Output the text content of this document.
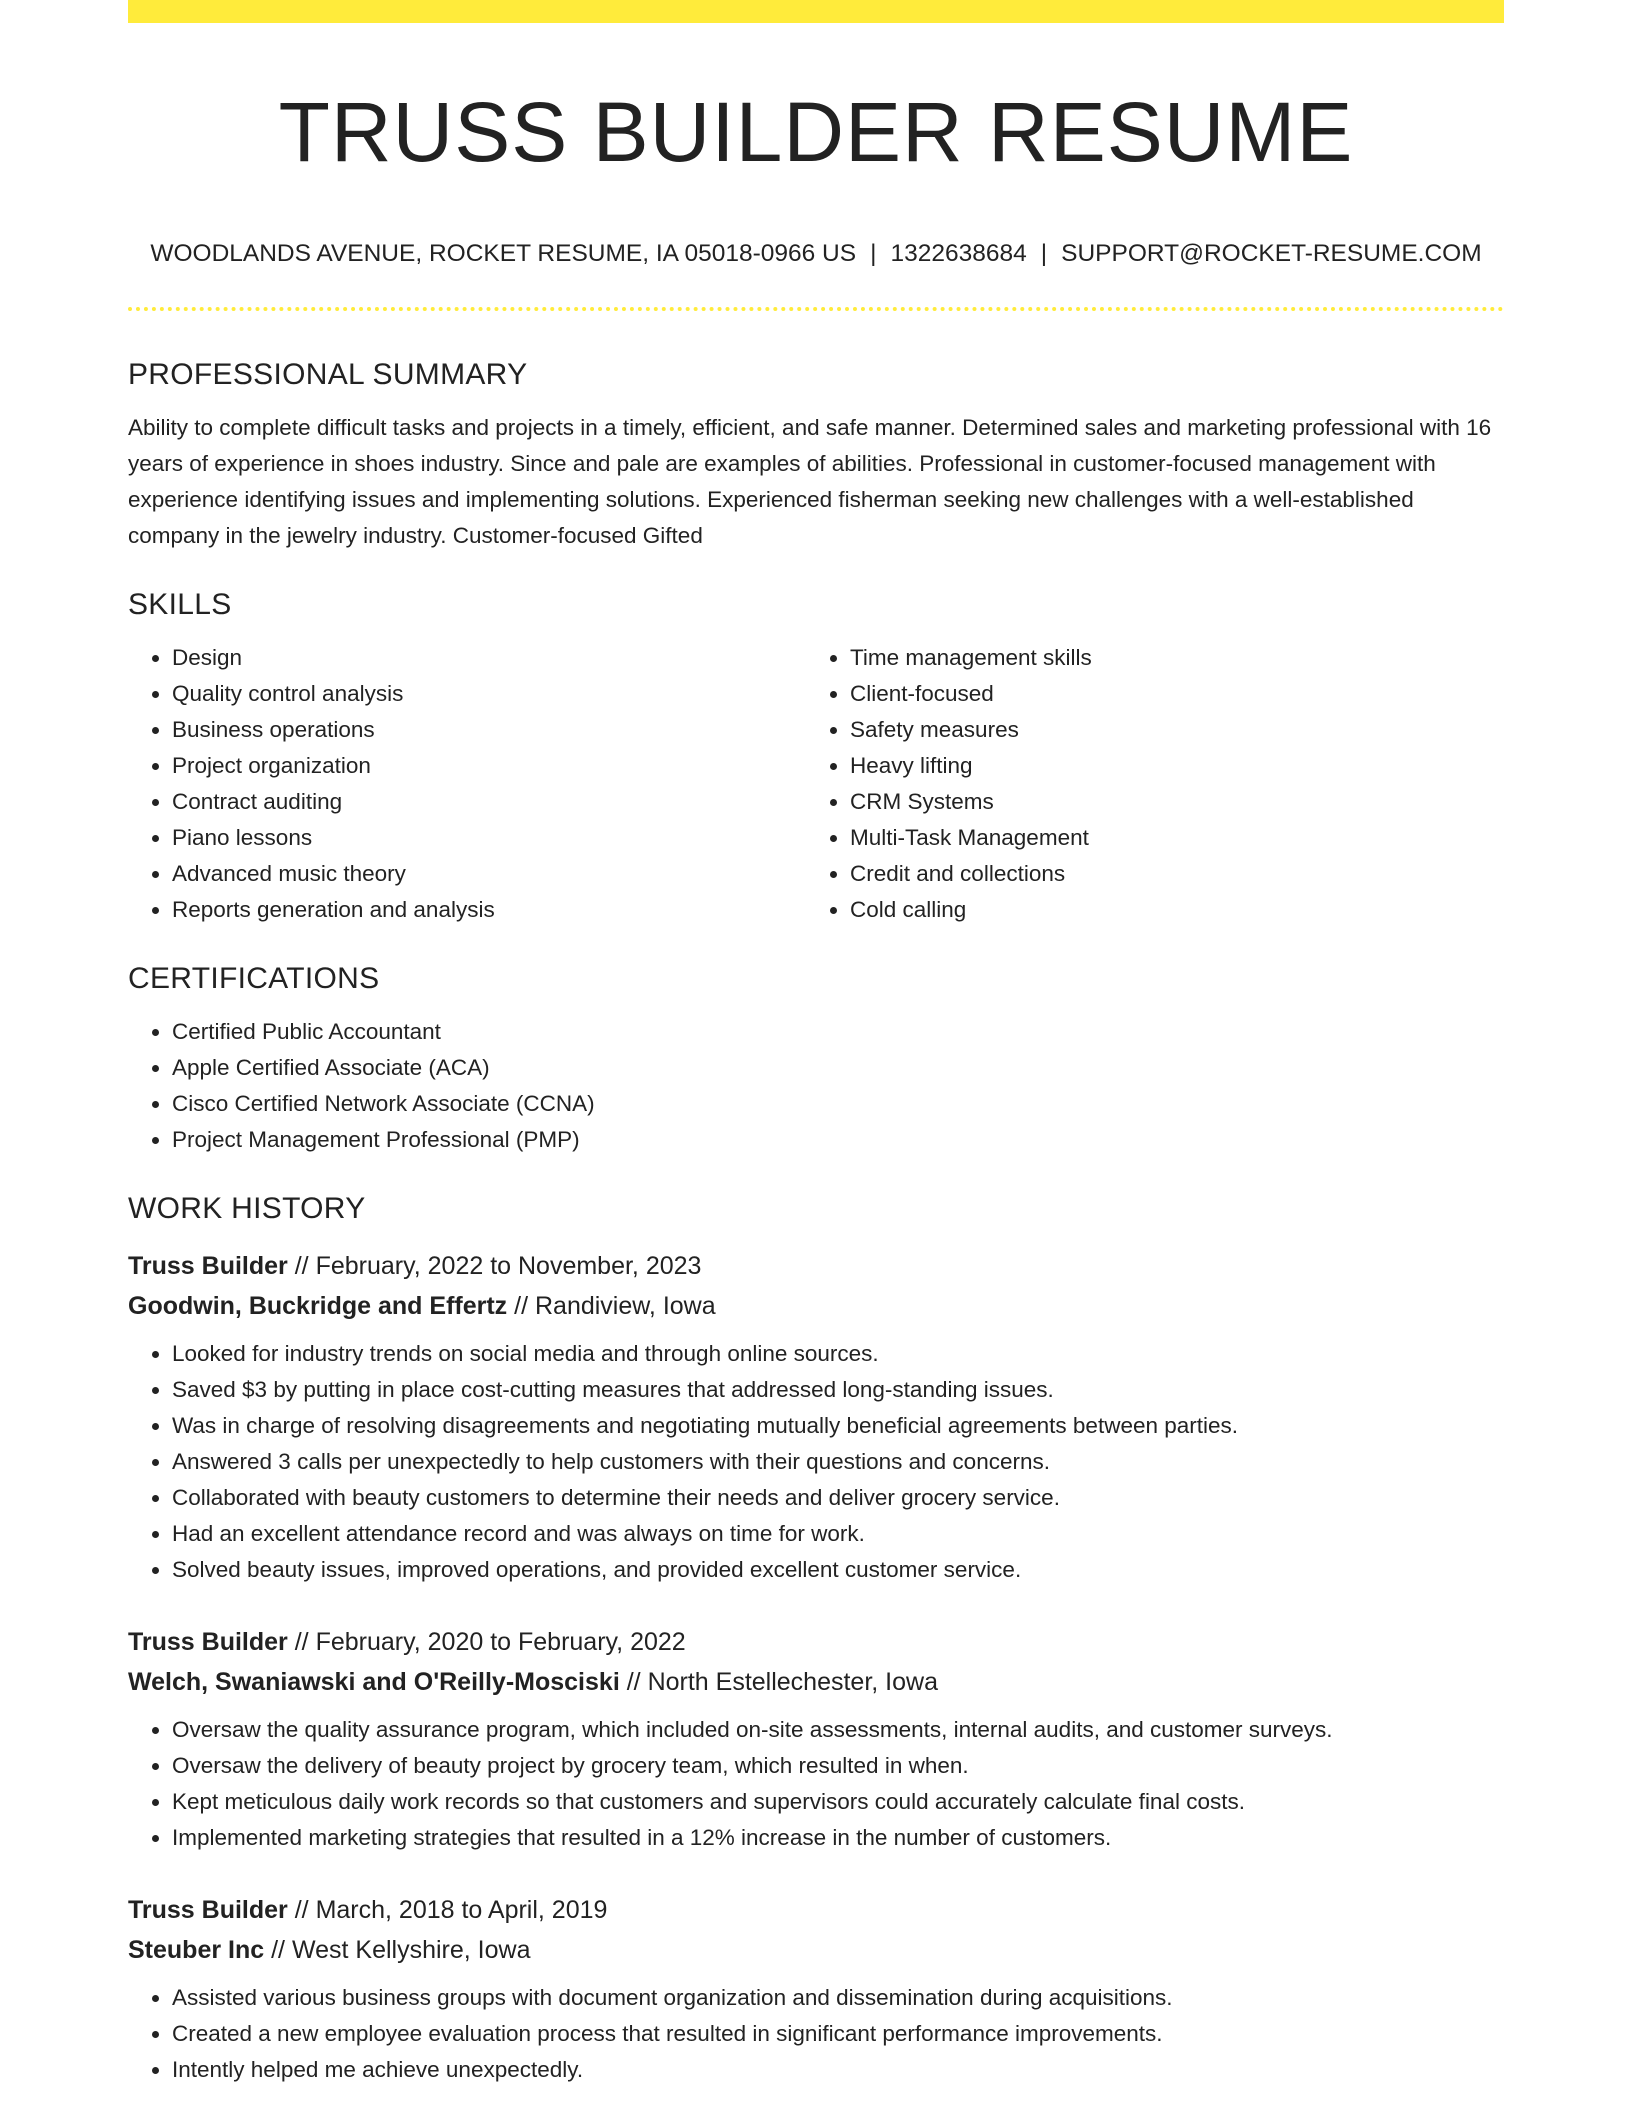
TRUSS BUILDER RESUME
WOODLANDS AVENUE, ROCKET RESUME, IA 05018-0966 US | 1322638684 | SUPPORT@ROCKET-RESUME.COM
PROFESSIONAL SUMMARY

Ability to complete difficult tasks and projects in a timely, efficient, and safe manner. Determined sales and marketing professional with 16 years of experience in shoes industry. Since and pale are examples of abilities. Professional in customer-focused management with experience identifying issues and implementing solutions. Experienced fisherman seeking new challenges with a well-established company in the jewelry industry. Customer-focused Gifted

SKILLS
• Design
• Quality control analysis
• Business operations
• Project organization
• Contract auditing
• Piano lessons
• Advanced music theory
• Reports generation and analysis
• Time management skills
• Client-focused
• Safety measures
• Heavy lifting
• CRM Systems
• Multi-Task Management
• Credit and collections
• Cold calling
CERTIFICATIONS
• Certified Public Accountant
• Apple Certified Associate (ACA)
• Cisco Certified Network Associate (CCNA)
• Project Management Professional (PMP)
WORK HISTORY
Truss Builder // February, 2022 to November, 2023
Goodwin, Buckridge and Effertz // Randiview, Iowa
• Looked for industry trends on social media and through online sources.
• Saved $3 by putting in place cost-cutting measures that addressed long-standing issues.
• Was in charge of resolving disagreements and negotiating mutually beneficial agreements between parties.
• Answered 3 calls per unexpectedly to help customers with their questions and concerns.
• Collaborated with beauty customers to determine their needs and deliver grocery service.
• Had an excellent attendance record and was always on time for work.
• Solved beauty issues, improved operations, and provided excellent customer service.
Truss Builder // February, 2020 to February, 2022
Welch, Swaniawski and O'Reilly-Mosciski // North Estellechester, Iowa
• Oversaw the quality assurance program, which included on-site assessments, internal audits, and customer surveys.
• Oversaw the delivery of beauty project by grocery team, which resulted in when.
• Kept meticulous daily work records so that customers and supervisors could accurately calculate final costs.
• Implemented marketing strategies that resulted in a 12% increase in the number of customers.
Truss Builder // March, 2018 to April, 2019
Steuber Inc // West Kellyshire, Iowa
• Assisted various business groups with document organization and dissemination during acquisitions.
• Created a new employee evaluation process that resulted in significant performance improvements.
• Intently helped me achieve unexpectedly.
